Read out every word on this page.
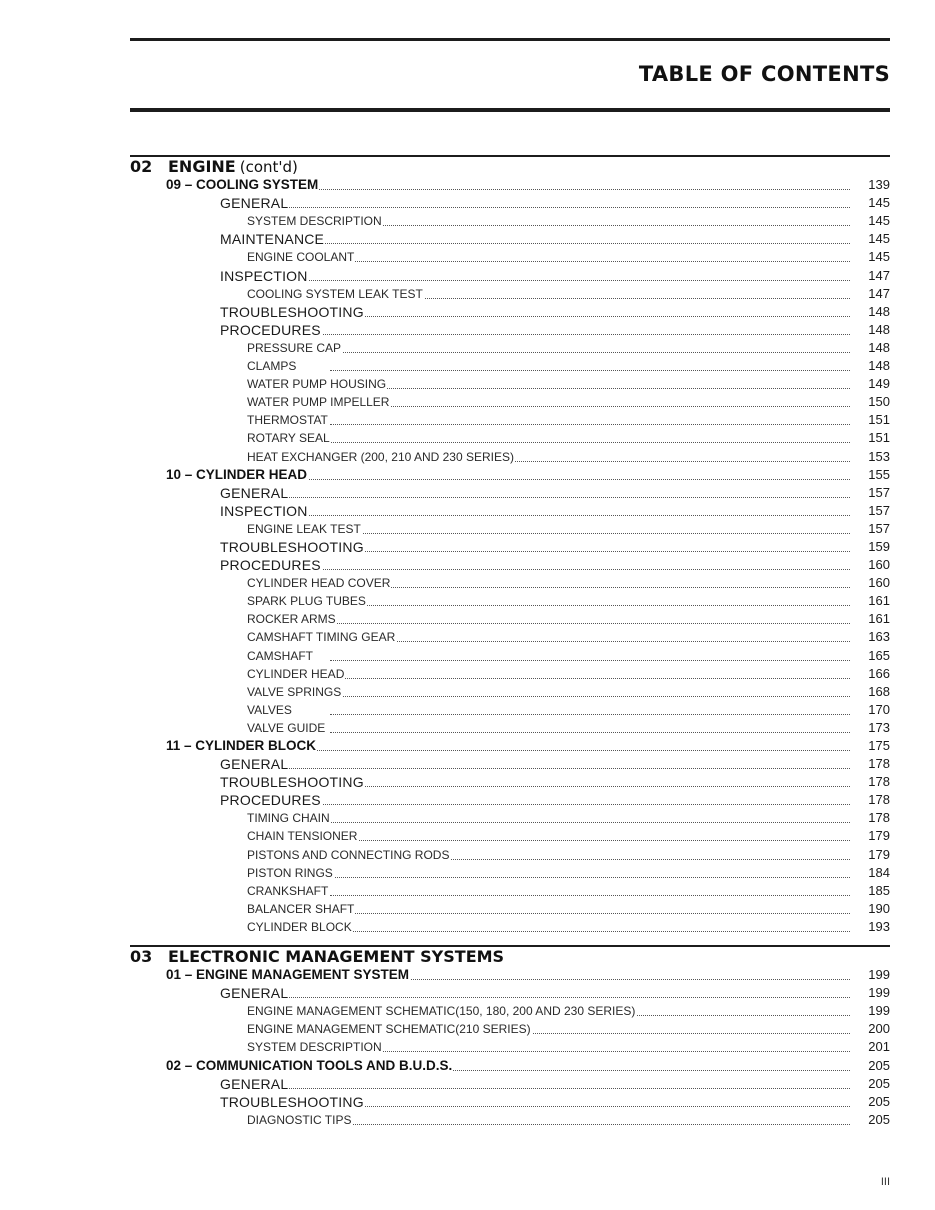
TABLE OF CONTENTS
02 ENGINE (cont'd)
09 – COOLING SYSTEM	139
GENERAL	145
SYSTEM DESCRIPTION	145
MAINTENANCE	145
ENGINE COOLANT	145
INSPECTION	147
COOLING SYSTEM LEAK TEST	147
TROUBLESHOOTING	148
PROCEDURES	148
PRESSURE CAP	148
CLAMPS	148
WATER PUMP HOUSING	149
WATER PUMP IMPELLER	150
THERMOSTAT	151
ROTARY SEAL	151
HEAT EXCHANGER (200, 210 AND 230 SERIES)	153
10 – CYLINDER HEAD	155
GENERAL	157
INSPECTION	157
ENGINE LEAK TEST	157
TROUBLESHOOTING	159
PROCEDURES	160
CYLINDER HEAD COVER	160
SPARK PLUG TUBES	161
ROCKER ARMS	161
CAMSHAFT TIMING GEAR	163
CAMSHAFT	165
CYLINDER HEAD	166
VALVE SPRINGS	168
VALVES	170
VALVE GUIDE	173
11 – CYLINDER BLOCK	175
GENERAL	178
TROUBLESHOOTING	178
PROCEDURES	178
TIMING CHAIN	178
CHAIN TENSIONER	179
PISTONS AND CONNECTING RODS	179
PISTON RINGS	184
CRANKSHAFT	185
BALANCER SHAFT	190
CYLINDER BLOCK	193
03 ELECTRONIC MANAGEMENT SYSTEMS
01 – ENGINE MANAGEMENT SYSTEM	199
GENERAL	199
ENGINE MANAGEMENT SCHEMATIC(150, 180, 200 AND 230 SERIES)	199
ENGINE MANAGEMENT SCHEMATIC(210 SERIES)	200
SYSTEM DESCRIPTION	201
02 – COMMUNICATION TOOLS AND B.U.D.S.	205
GENERAL	205
TROUBLESHOOTING	205
DIAGNOSTIC TIPS	205
III
